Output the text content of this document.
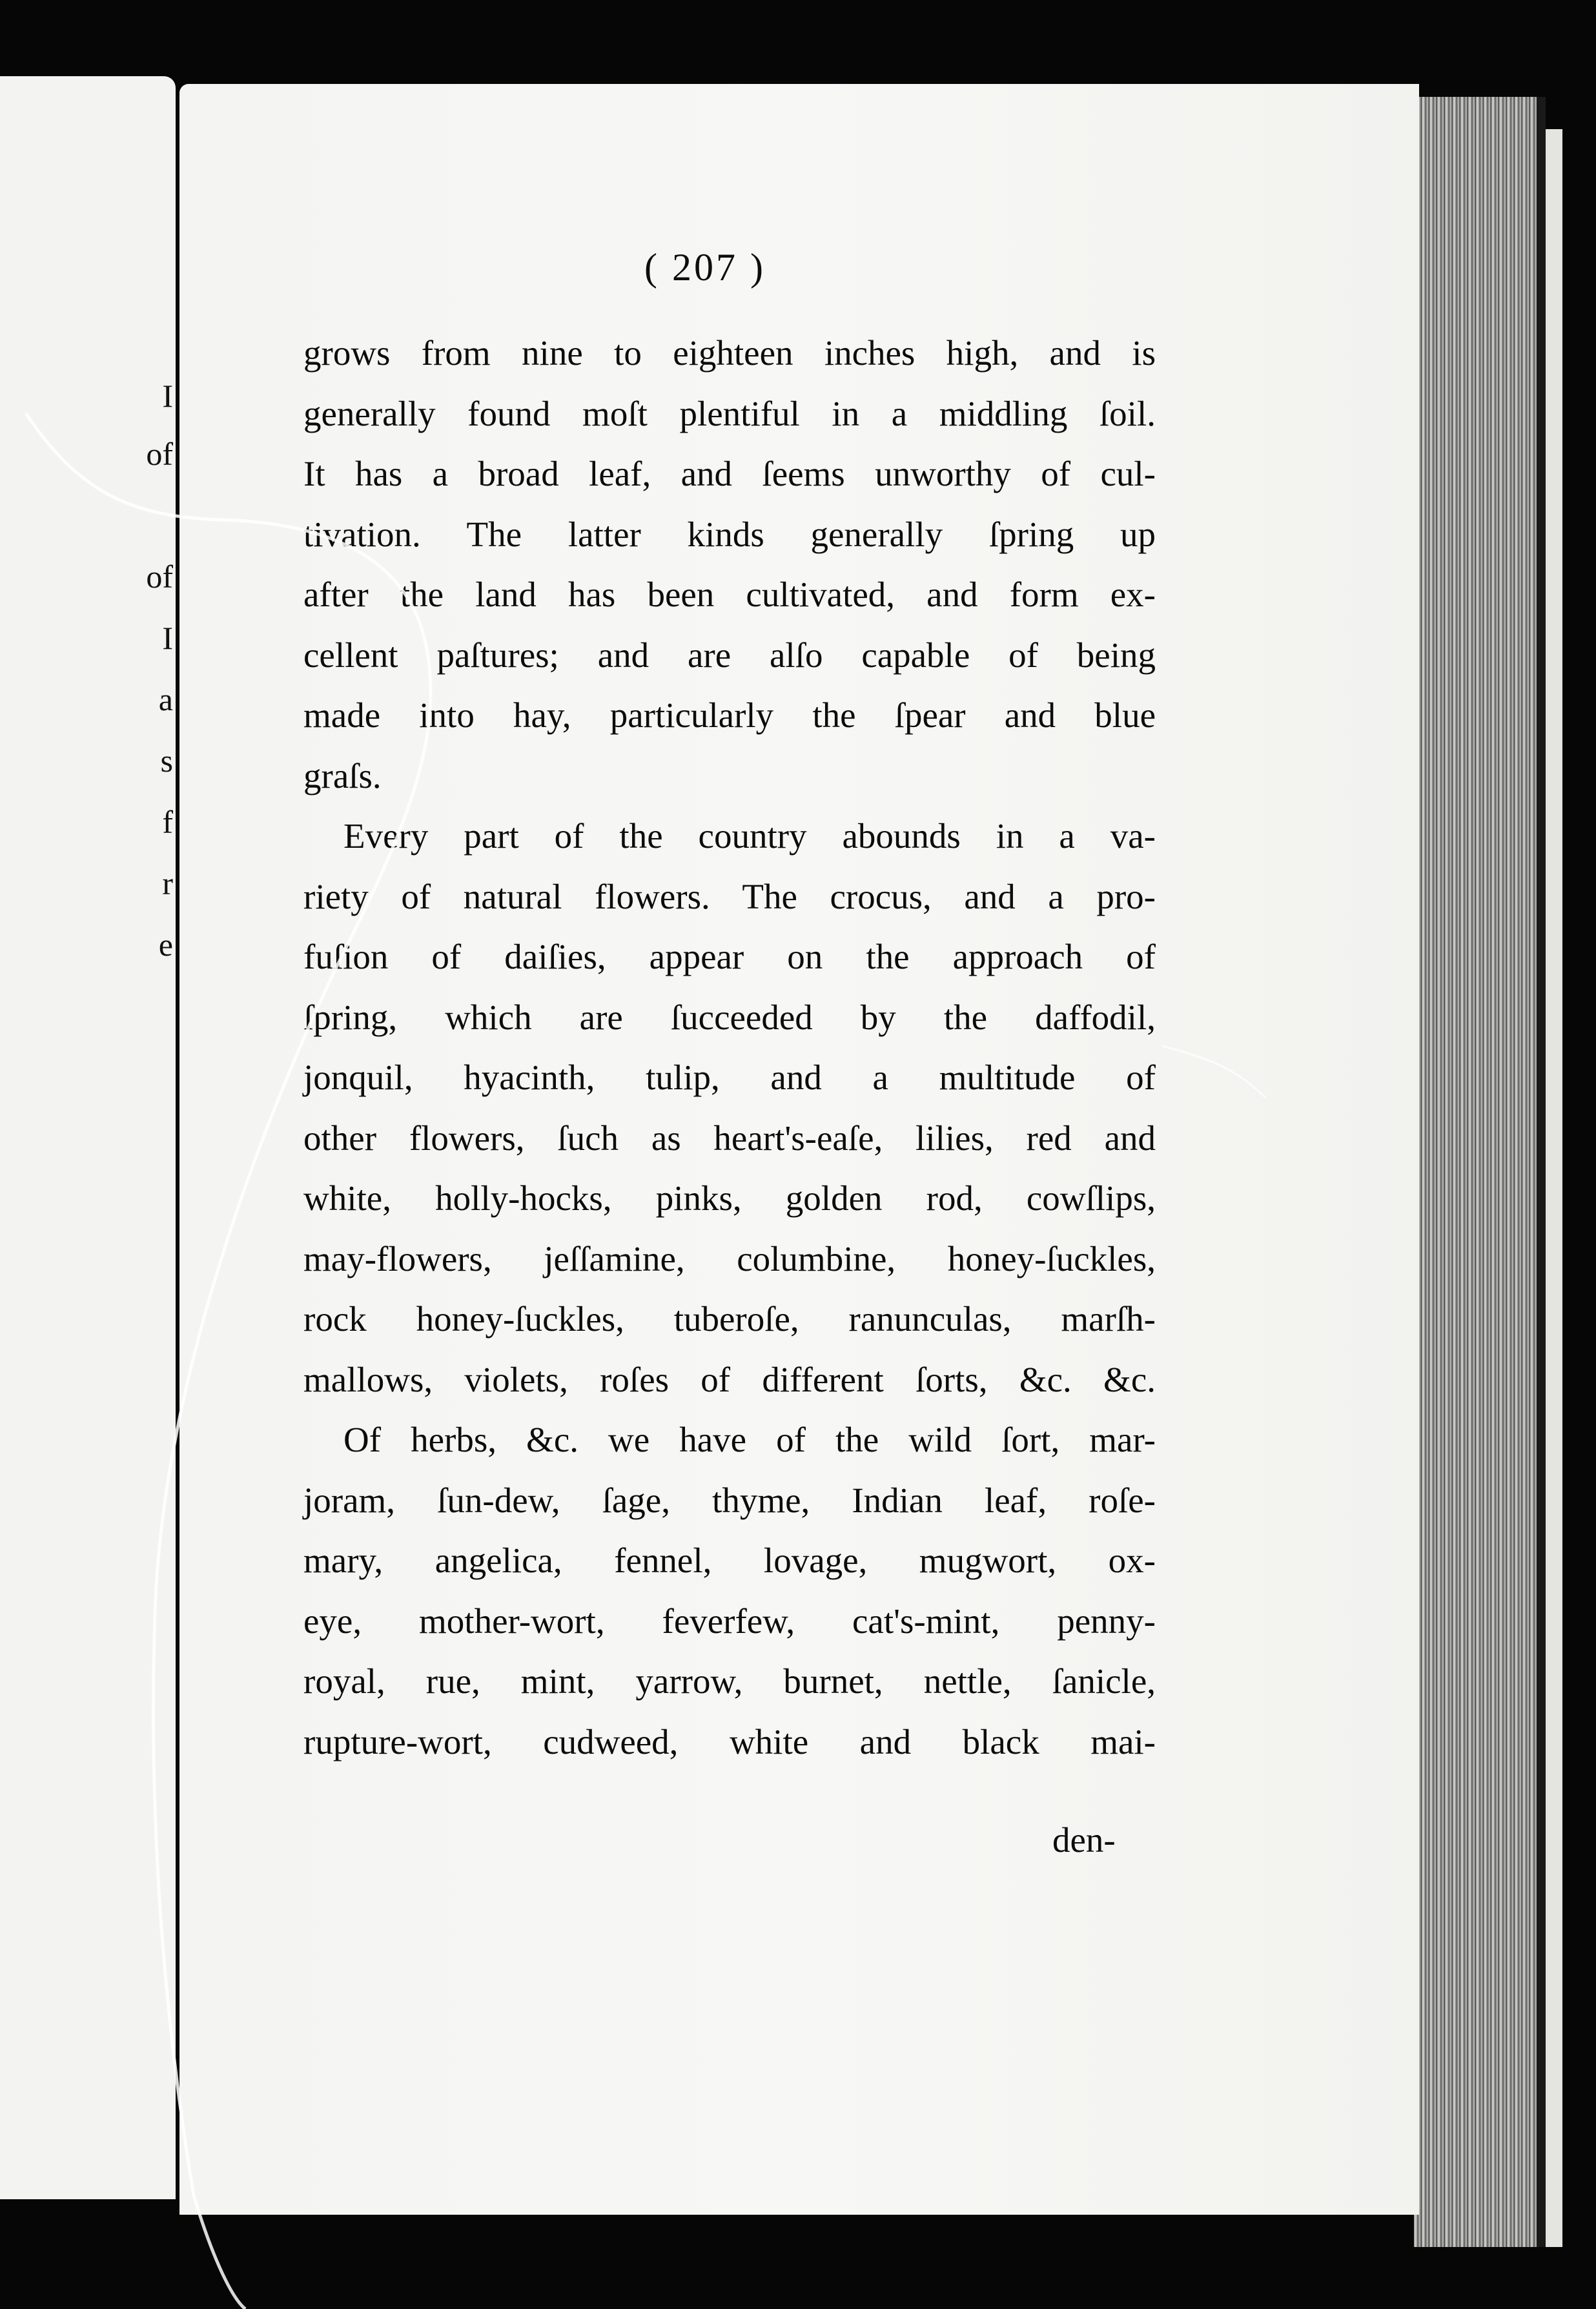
I
of
of
I
a
s
f
r
e
( 207 )

grows from nine to eighteen inches high, and is

generally found moſt plentiful in a middling ſoil.

It has a broad leaf, and ſeems unworthy of cul-

tivation. The latter kinds generally ſpring up

after the land has been cultivated, and form ex-

cellent paſtures; and are alſo capable of being

made into hay, particularly the ſpear and blue

graſs.

Every part of the country abounds in a va-

riety of natural flowers. The crocus, and a pro-

fuſion of daiſies, appear on the approach of

ſpring, which are ſucceeded by the daffodil,

jonquil, hyacinth, tulip, and a multitude of

other flowers, ſuch as heart's-eaſe, lilies, red and

white, holly-hocks, pinks, golden rod, cowſlips,

may-flowers, jeſſamine, columbine, honey-ſuckles,

rock honey-ſuckles, tuberoſe, ranunculas, marſh-

mallows, violets, roſes of different ſorts, &c. &c.

Of herbs, &c. we have of the wild ſort, mar-

joram, ſun-dew, ſage, thyme, Indian leaf, roſe-

mary, angelica, fennel, lovage, mugwort, ox-

eye, mother-wort, feverfew, cat's-mint, penny-

royal, rue, mint, yarrow, burnet, nettle, ſanicle,

rupture-wort, cudweed, white and black mai-

den-
